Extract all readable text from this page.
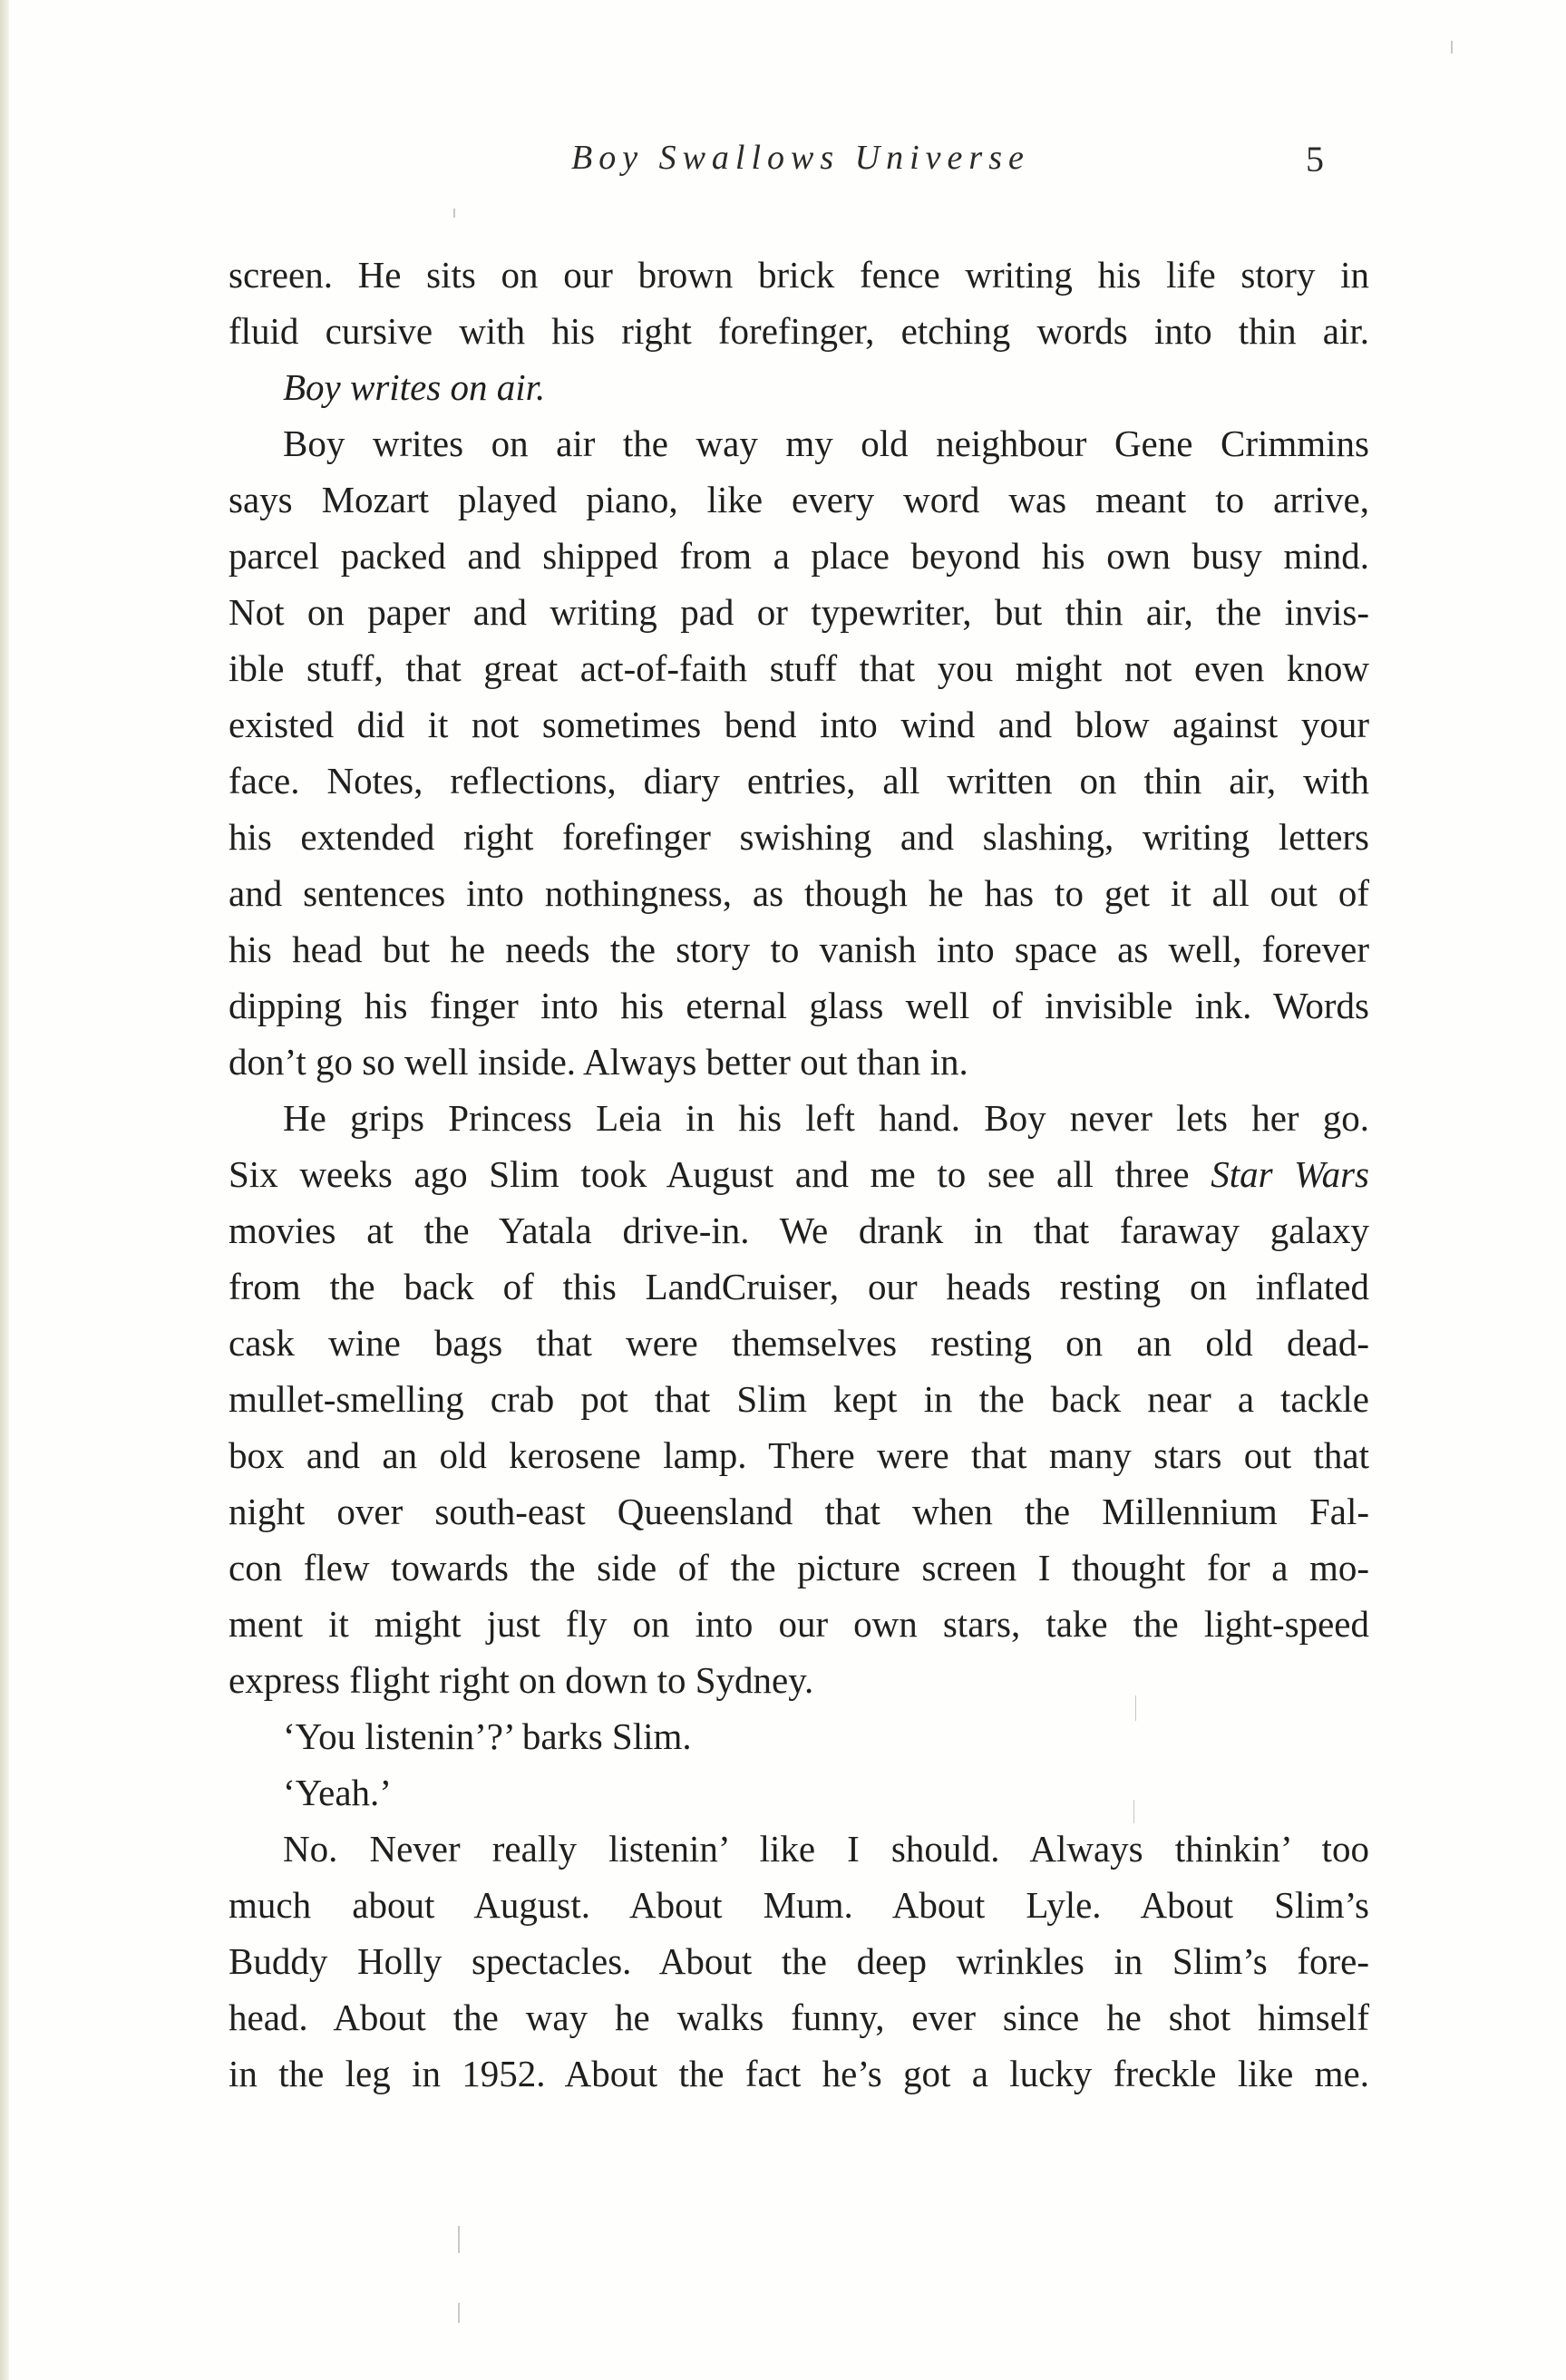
Boy Swallows Universe	5
screen. He sits on our brown brick fence writing his life story in
fluid cursive with his right forefinger, etching words into thin air.
Boy writes on air.
Boy writes on air the way my old neighbour Gene Crimmins
says Mozart played piano, like every word was meant to arrive,
parcel packed and shipped from a place beyond his own busy mind.
Not on paper and writing pad or typewriter, but thin air, the invis-
ible stuff, that great act-of-faith stuff that you might not even know
existed did it not sometimes bend into wind and blow against your
face. Notes, reflections, diary entries, all written on thin air, with
his extended right forefinger swishing and slashing, writing letters
and sentences into nothingness, as though he has to get it all out of
his head but he needs the story to vanish into space as well, forever
dipping his finger into his eternal glass well of invisible ink. Words
don’t go so well inside. Always better out than in.
He grips Princess Leia in his left hand. Boy never lets her go.
Six weeks ago Slim took August and me to see all three Star Wars
movies at the Yatala drive-in. We drank in that faraway galaxy
from the back of this LandCruiser, our heads resting on inflated
cask wine bags that were themselves resting on an old dead-
mullet-smelling crab pot that Slim kept in the back near a tackle
box and an old kerosene lamp. There were that many stars out that
night over south-east Queensland that when the Millennium Fal-
con flew towards the side of the picture screen I thought for a mo-
ment it might just fly on into our own stars, take the light-speed
express flight right on down to Sydney.
‘You listenin’?’ barks Slim.
‘Yeah.’
No. Never really listenin’ like I should. Always thinkin’ too
much about August. About Mum. About Lyle. About Slim’s
Buddy Holly spectacles. About the deep wrinkles in Slim’s fore-
head. About the way he walks funny, ever since he shot himself
in the leg in 1952. About the fact he’s got a lucky freckle like me.
